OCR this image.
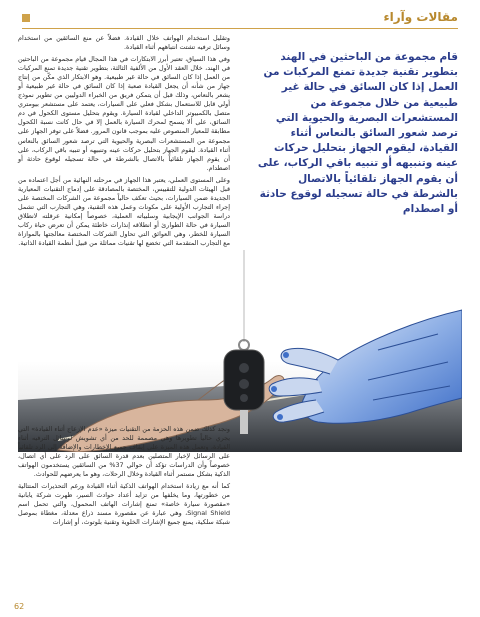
مقالات وآراء
قام مجموعة من الباحثين في الهند بتطوير تقنية جديدة تمنع المركبات من العمل إذا كان السائق في حالة غير طبيعية من خلال مجموعة من المستشعرات البصرية والحيوية التي ترصد شعور السائق بالنعاس أثناء القيادة، ليقوم الجهاز بتحليل حركات عينه وتنبيهه أو تنبيه باقي الركاب، على أن يقوم الجهاز تلقائياً بالاتصال بالشرطة في حالة تسجيله لوقوع حادثة أو اصطدام

وتقليل استخدام الهواتف خلال القيادة. فضلاً عن منع السائقين من استخدام وسائل ترفيه تشتت انتباههم أثناء القيادة.

وفي هذا السياق، تعتبر أبرز الابتكارات في هذا المجال قيام مجموعة من الباحثين في الهند، خلال العقد الأول من الألفية الثالثة، بتطوير تقنية جديدة تمنع المركبات من العمل إذا كان السائق في حالة غير طبيعية. وهو الابتكار الذي مكّن من إنتاج جهاز من شأنه أن يجعل القيادة صعبة إذا كان السائق في حالة غير طبيعية أو يشعر بالنعاس، وذلك قبل أن يتمكن فريق من الخبراء الدوليين من تطوير نموذج أولي قابل للاستعمال بشكل فعلي على السيارات، يعتمد على مستشعر بيومتري متصل بالكمبيوتر الداخلي لقيادة السيارة. ويقوم بتحليل مستوى الكحول في دم السائق، على ألا يسمح لمحرك السيارة بالعمل إلا في حال كانت نسبة الكحول مطابقة للمعيار المنصوص عليه بموجب قانون المرور. فضلاً على توفر الجهاز على مجموعة من المستشعرات البصرية والحيوية التي ترصد شعور السائق بالنعاس أثناء القيادة. ليقوم الجهاز بتحليل حركات عينه وتنبيهه أو تنبيه باقي الركاب، على أن يقوم الجهاز تلقائياً بالاتصال بالشرطة في حالة تسجيله لوقوع حادثة أو اصطدام.

وعلى المستوى العملي، يعتبر هذا الجهاز في مرحلته النهائية من أجل اعتماده من قبل الهيئات الدولية للتقييس، المختصة بالمصادقة على إدماج التقنيات المعيارية الجديدة ضمن السيارات، بحيث تعكف حالياً مجموعة من الشركات المختصة على إجراء التجارب الأولية على مكونات وعمل هذه التقنية، وهي التجارب التي تشمل دراسة الجوانب الإيجابية وسلبياته العملية، خصوصاً إمكانية عرقلته لانطلاق السيارة في حالة الطوارئ أو انطلاقه إنذارات خاطئة يمكن أن تعرض حياة ركاب السيارة للخطر، وهي العوائق التي تحاول الشركات المختصة معالجتها بالموازاة مع التجارب المتقدمة التي تخضع لها تقنيات مماثلة من قبيل أنظمة القيادة الذاتية.

ونجد كذلك ضمن هذه الحزمة من التقنيات ميزة «عدم الإزعاج أثناء القيادة» التي يجري حالياً تطويرها وهي مصممة للحد من أي تشويش لوسائل الترفيه أثناء القيادة، وتعمل هذه الميزة على إيقاف جميع الإخطارات والإضافة إلى الرد تلقائياً على الرسائل لإخبار المتصلين بعدم قدرة السائق على الرد على أي اتصال، خصوصاً وأن الدراسات تؤكد أن حوالي 37% من السائقين يستخدمون الهواتف الذكية بشكل مستمر أثناء القيادة وخلال الرحلات، وهو ما يعرضهم للحوادث.

كما أنه مع زيادة استخدام الهواتف الذكية أثناء القيادة ورغم التحذيرات المتتالية من خطورتها، وما يخلفها من تزايد أعداد حوادث السير، ظهرت شركة يابانية «مقصورة سيارة خاصة» تمنع إشارات الهاتف المحمول، والتي تحمل اسم Signal Shield، وهي عبارة عن مقصورة مسند ذراع معدلة، مغطاة بموصل شبكة سلكية، يمنع جميع الإشارات الخلوية وتقنية بلوتوث، أو إشارات

62
